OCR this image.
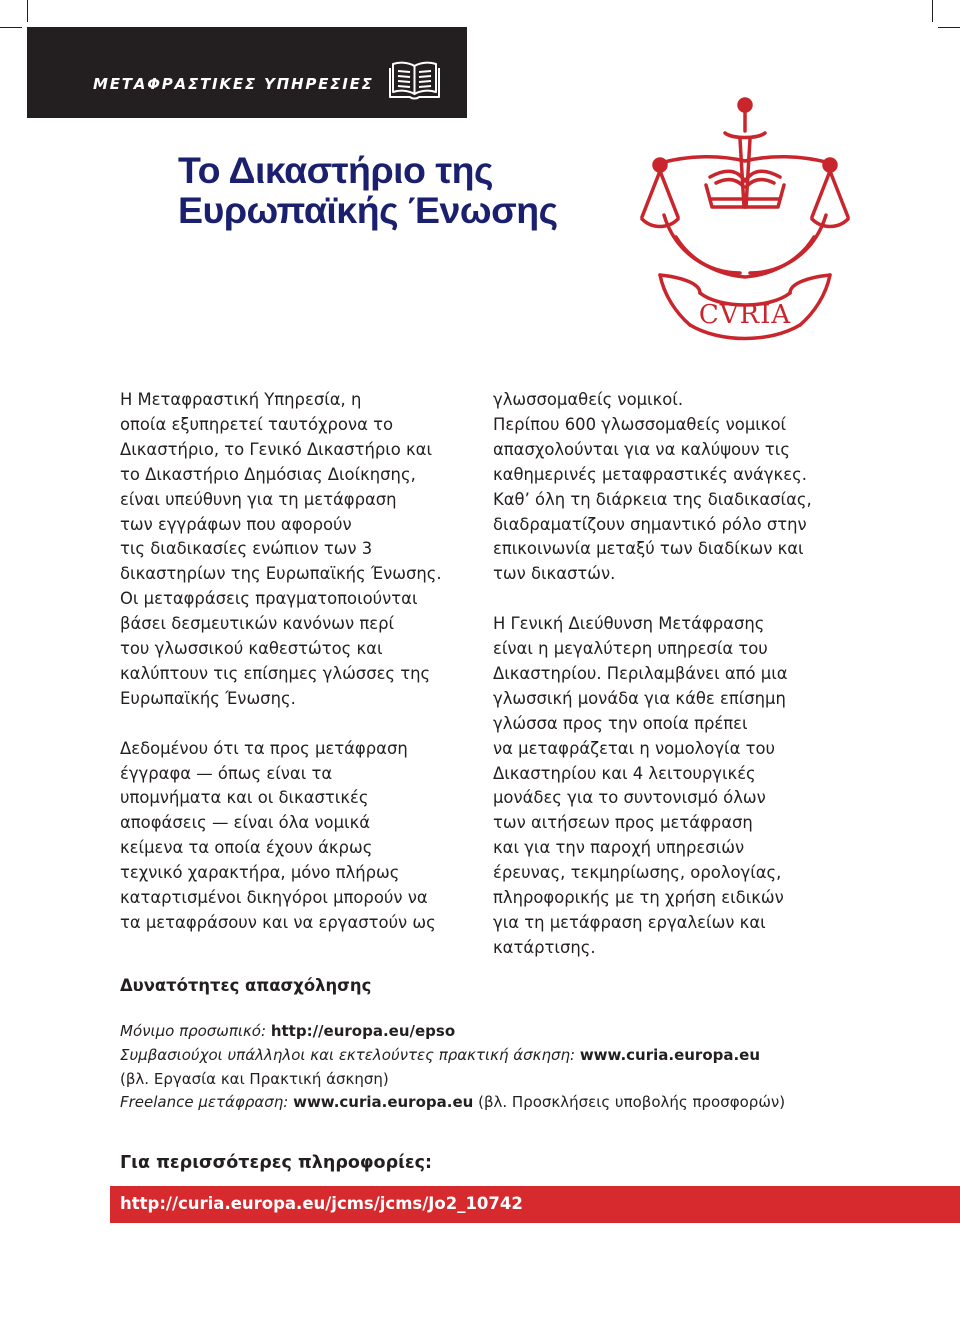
ΜΕΤΑΦΡΑΣΤΙΚΕΣ ΥΠΗΡΕΣΙΕΣ

Το Δικαστήριο της
Ευρωπαϊκής Ένωσης
CVRIA

Η Μεταφραστική Υπηρεσία, η
οποία εξυπηρετεί ταυτόχρονα το
Δικαστήριο, το Γενικό Δικαστήριο και
το Δικαστήριο Δημόσιας Διοίκησης,
είναι υπεύθυνη για τη μετάφραση
των εγγράφων που αφορούν
τις διαδικασίες ενώπιον των 3
δικαστηρίων της Ευρωπαϊκής Ένωσης.
Οι μεταφράσεις πραγματοποιούνται
βάσει δεσμευτικών κανόνων περί
του γλωσσικού καθεστώτος και
καλύπτουν τις επίσημες γλώσσες της
Ευρωπαϊκής Ένωσης.

Δεδομένου ότι τα προς μετάφραση
έγγραφα — όπως είναι τα
υπομνήματα και οι δικαστικές
αποφάσεις — είναι όλα νομικά
κείμενα τα οποία έχουν άκρως
τεχνικό χαρακτήρα, μόνο πλήρως
καταρτισμένοι δικηγόροι μπορούν να
τα μεταφράσουν και να εργαστούν ως

γλωσσομαθείς νομικοί.
Περίπου 600 γλωσσομαθείς νομικοί
απασχολούνται για να καλύψουν τις
καθημερινές μεταφραστικές ανάγκες.
Καθ’ όλη τη διάρκεια της διαδικασίας,
διαδραματίζουν σημαντικό ρόλο στην
επικοινωνία μεταξύ των διαδίκων και
των δικαστών.

Η Γενική Διεύθυνση Μετάφρασης
είναι η μεγαλύτερη υπηρεσία του
Δικαστηρίου. Περιλαμβάνει από μια
γλωσσική μονάδα για κάθε επίσημη
γλώσσα προς την οποία πρέπει
να μεταφράζεται η νομολογία του
Δικαστηρίου και 4 λειτουργικές
μονάδες για το συντονισμό όλων
των αιτήσεων προς μετάφραση
και για την παροχή υπηρεσιών
έρευνας, τεκμηρίωσης, ορολογίας,
πληροφορικής με τη χρήση ειδικών
για τη μετάφραση εργαλείων και
κατάρτισης.

Δυνατότητες απασχόλησης
Μόνιμο προσωπικό: http://europa.eu/epso
Συμβασιούχοι υπάλληλοι και εκτελούντες πρακτική άσκηση: www.curia.europa.eu
(βλ. Εργασία και Πρακτική άσκηση)
Freelance μετάφραση: www.curia.europa.eu (βλ. Προσκλήσεις υποβολής προσφορών)
Για περισσότερες πληροφορίες:
http://curia.europa.eu/jcms/jcms/Jo2_10742
